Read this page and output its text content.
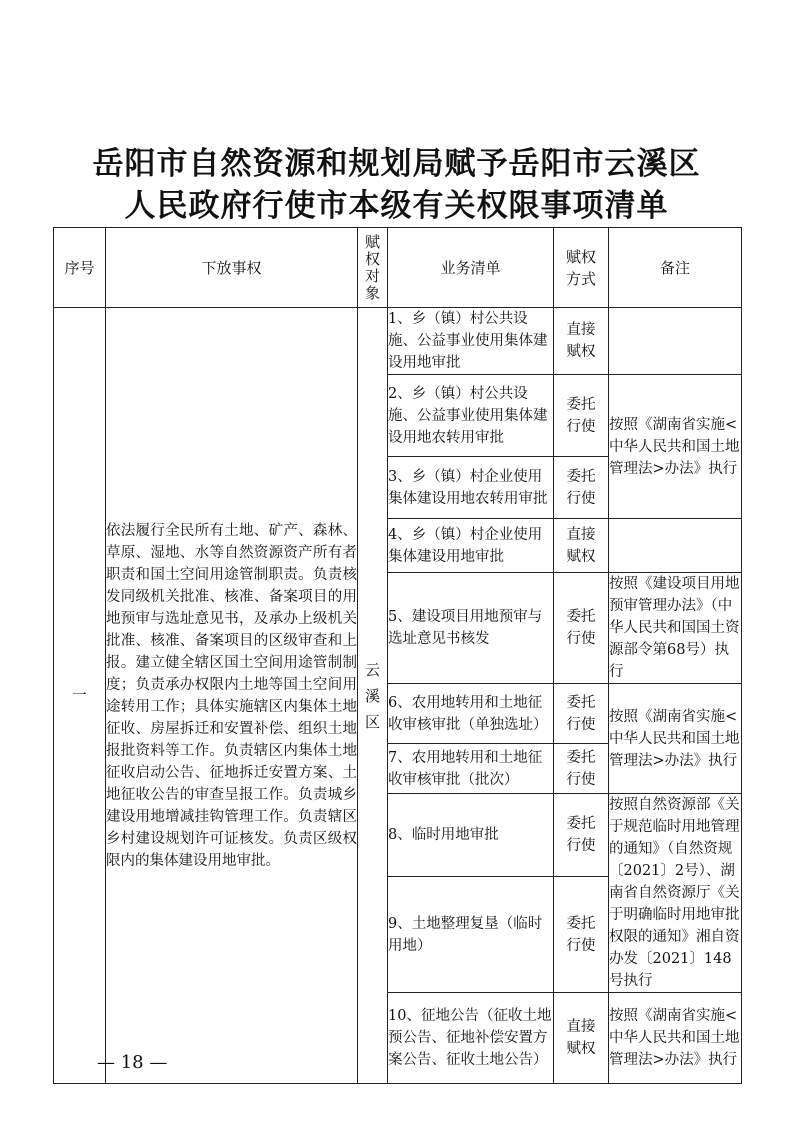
岳阳市自然资源和规划局赋予岳阳市云溪区
人民政府行使市本级有关权限事项清单
序号	下放事权	赋权对象	业务清单	赋权方式	备注
一	依法履行全民所有土地、矿产、森林、草原、湿地、水等自然资源资产所有者职责和国土空间用途管制职责。负责核发同级机关批准、核准、备案项目的用地预审与选址意见书，及承办上级机关批准、核准、备案项目的区级审查和上报。建立健全辖区国土空间用途管制制度；负责承办权限内土地等国土空间用途转用工作；具体实施辖区内集体土地征收、房屋拆迁和安置补偿、组织土地报批资料等工作。负责辖区内集体土地征收启动公告、征地拆迁安置方案、土地征收公告的审查呈报工作。负责城乡建设用地增减挂钩管理工作。负责辖区乡村建设规划许可证核发。负责区级权限内的集体建设用地审批。	云溪区	1、乡（镇）村公共设施、公益事业使用集体建设用地审批	直接赋权	

			2、乡（镇）村公共设施、公益事业使用集体建设用地农转用审批	委托行使	按照《湖南省实施<中华人民共和国土地管理法>办法》执行
			3、乡（镇）村企业使用集体建设用地农转用审批	委托行使	

			4、乡（镇）村企业使用集体建设用地审批	直接赋权	

			5、建设项目用地预审与选址意见书核发	委托行使	按照《建设项目用地预审管理办法》（中华人民共和国国土资源部令第68号）执行
			6、农用地转用和土地征收审核审批（单独选址）	委托行使	按照《湖南省实施<中华人民共和国土地管理法>办法》执行
			7、农用地转用和土地征收审核审批（批次）	委托行使	

			8、临时用地审批	委托行使	按照自然资源部《关于规范临时用地管理的通知》（自然资规〔2021〕2号）、湖南省自然资源厅《关于明确临时用地审批权限的通知》湘自资办发〔2021〕148号执行
			9、土地整理复垦（临时用地）	委托行使	

			10、征地公告（征收土地预公告、征地补偿安置方案公告、征收土地公告）	直接赋权	按照《湖南省实施<中华人民共和国土地管理法>办法》执行
— 18 —
